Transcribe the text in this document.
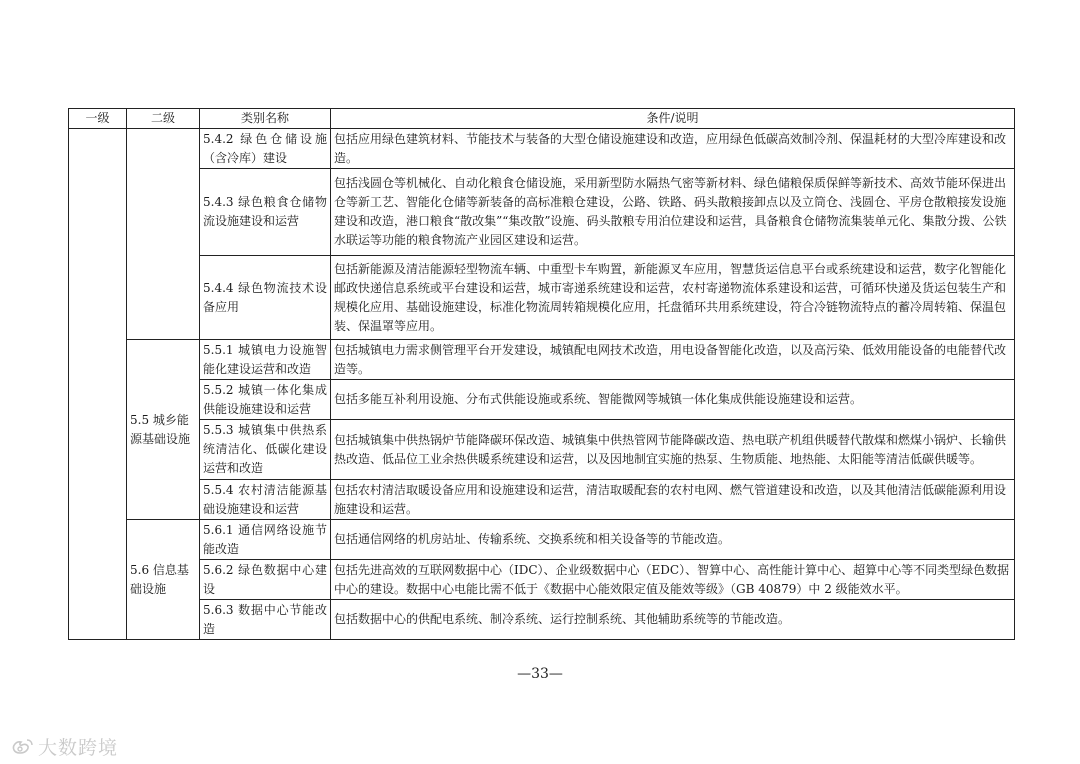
一级	二级	类别名称	条件/说明
		5.4.2 绿色仓储设施（含冷库）建设	包括应用绿色建筑材料、节能技术与装备的大型仓储设施建设和改造，应用绿色低碳高效制冷剂、保温耗材的大型冷库建设和改造。
		5.4.3 绿色粮食仓储物流设施建设和运营	包括浅圆仓等机械化、自动化粮食仓储设施，采用新型防水隔热气密等新材料、绿色储粮保质保鲜等新技术、高效节能环保进出仓等新工艺、智能化仓储等新装备的高标准粮仓建设，公路、铁路、码头散粮接卸点以及立筒仓、浅圆仓、平房仓散粮接发设施建设和改造，港口粮食“散改集”“集改散”设施、码头散粮专用泊位建设和运营，具备粮食仓储物流集装单元化、集散分拨、公铁水联运等功能的粮食物流产业园区建设和运营。
		5.4.4 绿色物流技术设备应用	包括新能源及清洁能源轻型物流车辆、中重型卡车购置，新能源叉车应用，智慧货运信息平台或系统建设和运营，数字化智能化邮政快递信息系统或平台建设和运营，城市寄递系统建设和运营，农村寄递物流体系建设和运营，可循环快递及货运包装生产和规模化应用、基础设施建设，标准化物流周转箱规模化应用，托盘循环共用系统建设，符合冷链物流特点的蓄冷周转箱、保温包装、保温罩等应用。
	5.5 城乡能源基础设施	5.5.1 城镇电力设施智能化建设运营和改造	包括城镇电力需求侧管理平台开发建设，城镇配电网技术改造，用电设备智能化改造，以及高污染、低效用能设备的电能替代改造等。
		5.5.2 城镇一体化集成供能设施建设和运营	包括多能互补利用设施、分布式供能设施或系统、智能微网等城镇一体化集成供能设施建设和运营。
		5.5.3 城镇集中供热系统清洁化、低碳化建设运营和改造	包括城镇集中供热锅炉节能降碳环保改造、城镇集中供热管网节能降碳改造、热电联产机组供暖替代散煤和燃煤小锅炉、长输供热改造、低品位工业余热供暖系统建设和运营，以及因地制宜实施的热泵、生物质能、地热能、太阳能等清洁低碳供暖等。
		5.5.4 农村清洁能源基础设施建设和运营	包括农村清洁取暖设备应用和设施建设和运营，清洁取暖配套的农村电网、燃气管道建设和改造，以及其他清洁低碳能源利用设施建设和运营。
	5.6 信息基础设施	5.6.1 通信网络设施节能改造	包括通信网络的机房站址、传输系统、交换系统和相关设备等的节能改造。
		5.6.2 绿色数据中心建设	包括先进高效的互联网数据中心（IDC）、企业级数据中心（EDC）、智算中心、高性能计算中心、超算中心等不同类型绿色数据中心的建设。数据中心电能比需不低于《数据中心能效限定值及能效等级》（GB 40879）中 2 级能效水平。
		5.6.3 数据中心节能改造	包括数据中心的供配电系统、制冷系统、运行控制系统、其他辅助系统等的节能改造。
—33—
大数跨境
